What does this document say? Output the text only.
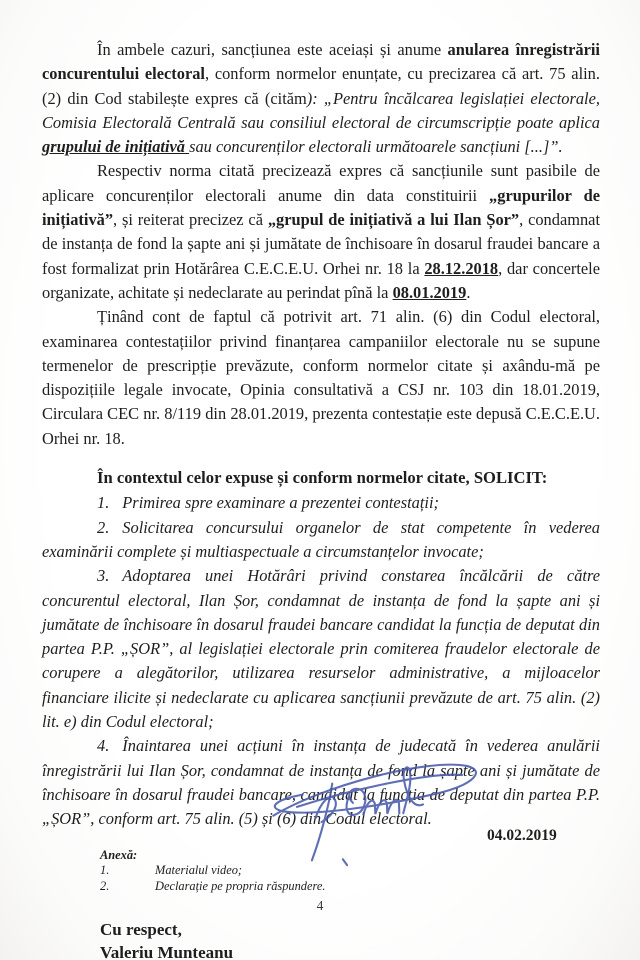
În ambele cazuri, sancțiunea este aceiași și anume anularea înregistrării concurentului electoral, conform normelor enunțate, cu precizarea că art. 75 alin. (2) din Cod stabilește expres că (cităm): „Pentru încălcarea legislației electorale, Comisia Electorală Centrală sau consiliul electoral de circumscripție poate aplica grupului de inițiativă sau concurenților electorali următoarele sancțiuni [...]”.

Respectiv norma citată precizează expres că sancțiunile sunt pasibile de aplicare concurenților electorali anume din data constituirii „grupurilor de inițiativă”, și reiterat precizez că „grupul de inițiativă a lui Ilan Șor”, condamnat de instanța de fond la șapte ani și jumătate de închisoare în dosarul fraudei bancare a fost formalizat prin Hotărârea C.E.C.E.U. Orhei nr. 18 la 28.12.2018, dar concertele organizate, achitate și nedeclarate au perindat pînă la 08.01.2019.

Ținând cont de faptul că potrivit art. 71 alin. (6) din Codul electoral, examinarea contestațiilor privind finanțarea campaniilor electorale nu se supune termenelor de prescripție prevăzute, conform normelor citate și axându-mă pe dispozițiile legale invocate, Opinia consultativă a CSJ nr. 103 din 18.01.2019, Circulara CEC nr. 8/119 din 28.01.2019, prezenta contestație este depusă C.E.C.E.U. Orhei nr. 18.

În contextul celor expuse și conform normelor citate, SOLICIT:

1. Primirea spre examinare a prezentei contestații;

2. Solicitarea concursului organelor de stat competente în vederea examinării complete și multiaspectuale a circumstanțelor invocate;

3. Adoptarea unei Hotărâri privind constarea încălcării de către concurentul electoral, Ilan Șor, condamnat de instanța de fond la șapte ani și jumătate de închisoare în dosarul fraudei bancare candidat la funcția de deputat din partea P.P. „ȘOR”, al legislației electorale prin comiterea fraudelor electorale de corupere a alegătorilor, utilizarea resurselor administrative, a mijloacelor financiare ilicite și nedeclarate cu aplicarea sancțiunii prevăzute de art. 75 alin. (2) lit. e) din Codul electoral;

4. Înaintarea unei acțiuni în instanța de judecată în vederea anulării înregistrării lui Ilan Șor, condamnat de instanța de fond la șapte ani și jumătate de închisoare în dosarul fraudei bancare, candidat la funcția de deputat din partea P.P. „ȘOR”, conform art. 75 alin. (5) și (6) din Codul electoral.

Anexă:

1.	Materialul video;

2.	Declarație pe propria răspundere.

Cu respect,
Valeriu Munteanu
04.02.2019
4
